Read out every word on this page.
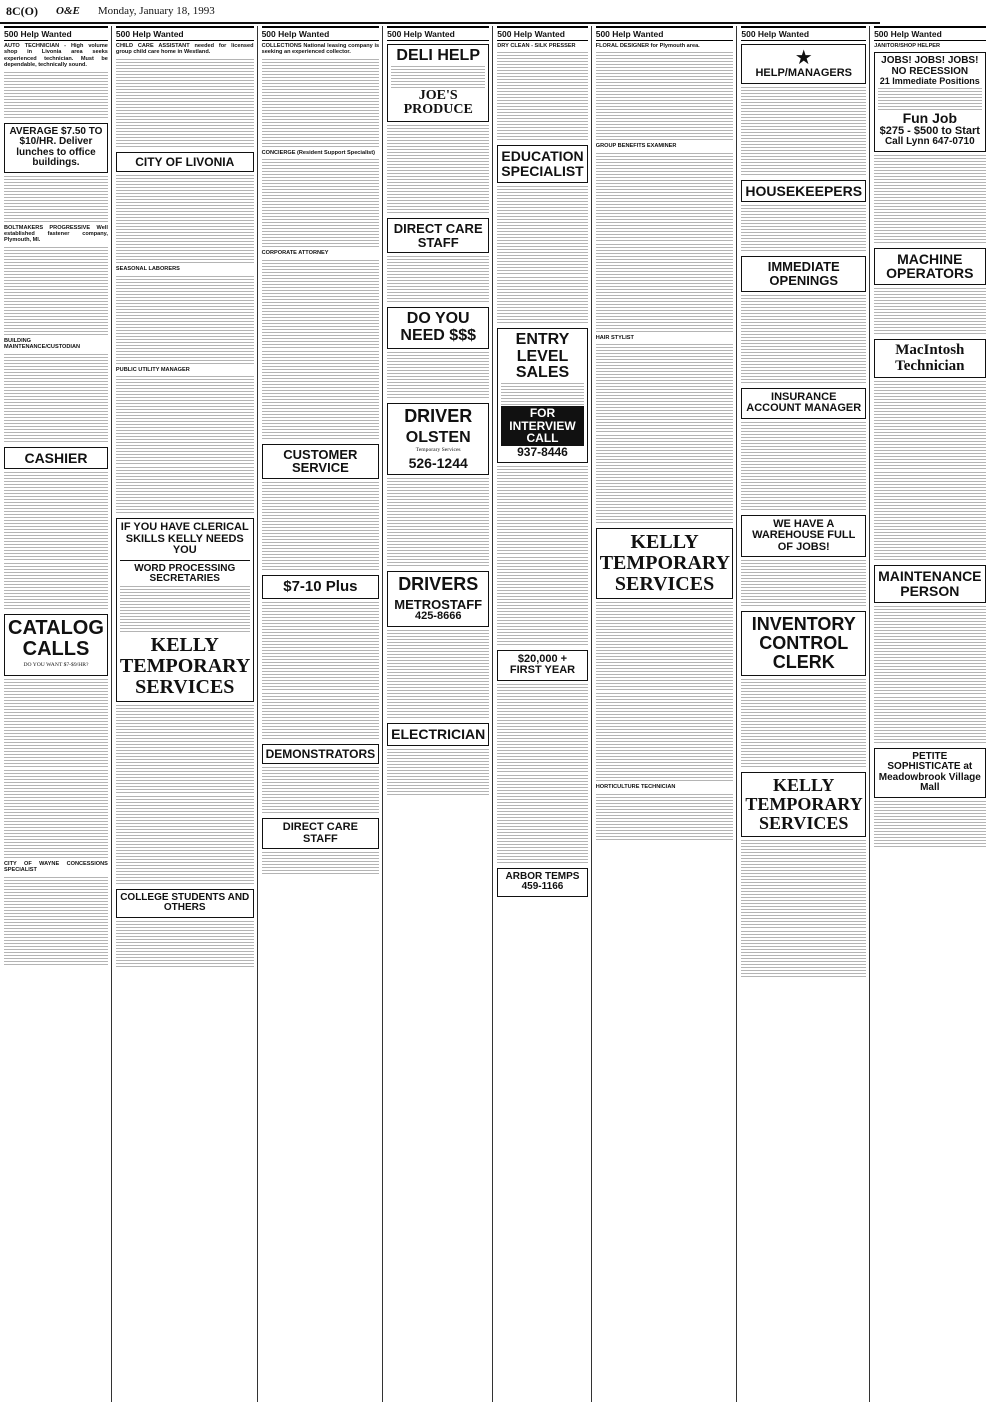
8C(O) O&E Monday, January 18, 1993
500 Help Wanted
AUTO TECHNICIAN - High volume shop in Livonia area seeks experienced technician. Must be dependable, technically sound.
AVERAGE $7.50 TO $10/HR. Deliver lunches to office buildings.
BOLTMAKERS PROGRESSIVE Well established fastener company, Plymouth, MI.
BUILDING MAINTENANCE/CUSTODIAN
CASHIER
CATALOG CALLS
DO YOU WANT $7-$9/HR?
CITY OF WAYNE CONCESSIONS SPECIALIST
500 Help Wanted
CHILD CARE ASSISTANT needed for licensed group child care home in Westland.
CITY OF LIVONIA
SEASONAL LABORERS
PUBLIC UTILITY MANAGER
IF YOU HAVE CLERICAL SKILLS KELLY NEEDS YOU
WORD PROCESSING SECRETARIES
KELLY TEMPORARY SERVICES
COLLEGE STUDENTS AND OTHERS
500 Help Wanted
COLLECTIONS National leasing company is seeking an experienced collector.
CONCIERGE (Resident Support Specialist)
CORPORATE ATTORNEY
CUSTOMER SERVICE
$7-10 Plus
DEMONSTRATORS
DIRECT CARE STAFF
500 Help Wanted
DELI HELP
JOE'S PRODUCE
DIRECT CARE STAFF
DO YOU NEED $$$
DRIVER
OLSTEN
Temporary Services
526-1244
DRIVERS
METROSTAFF
425-8666
ELECTRICIAN
500 Help Wanted
DRY CLEAN - SILK PRESSER
EDUCATION SPECIALIST
ENTRY LEVEL SALES
FOR INTERVIEW CALL
937-8446
$20,000 + FIRST YEAR
ARBOR TEMPS 459-1166
500 Help Wanted
FLORAL DESIGNER for Plymouth area.
GROUP BENEFITS EXAMINER
HAIR STYLIST
KELLY TEMPORARY SERVICES
HORTICULTURE TECHNICIAN
500 Help Wanted
★
HELP/MANAGERS
HOUSEKEEPERS
IMMEDIATE OPENINGS
INSURANCE ACCOUNT MANAGER
WE HAVE A WAREHOUSE FULL OF JOBS!
INVENTORY CONTROL CLERK
KELLY TEMPORARY SERVICES
500 Help Wanted
JANITOR/SHOP HELPER
JOBS! JOBS! JOBS! NO RECESSION
21 Immediate Positions
Fun Job
$275 - $500 to Start
Call Lynn 647-0710
MACHINE OPERATORS
MacIntosh Technician
MAINTENANCE PERSON
PETITE SOPHISTICATE at Meadowbrook Village Mall
